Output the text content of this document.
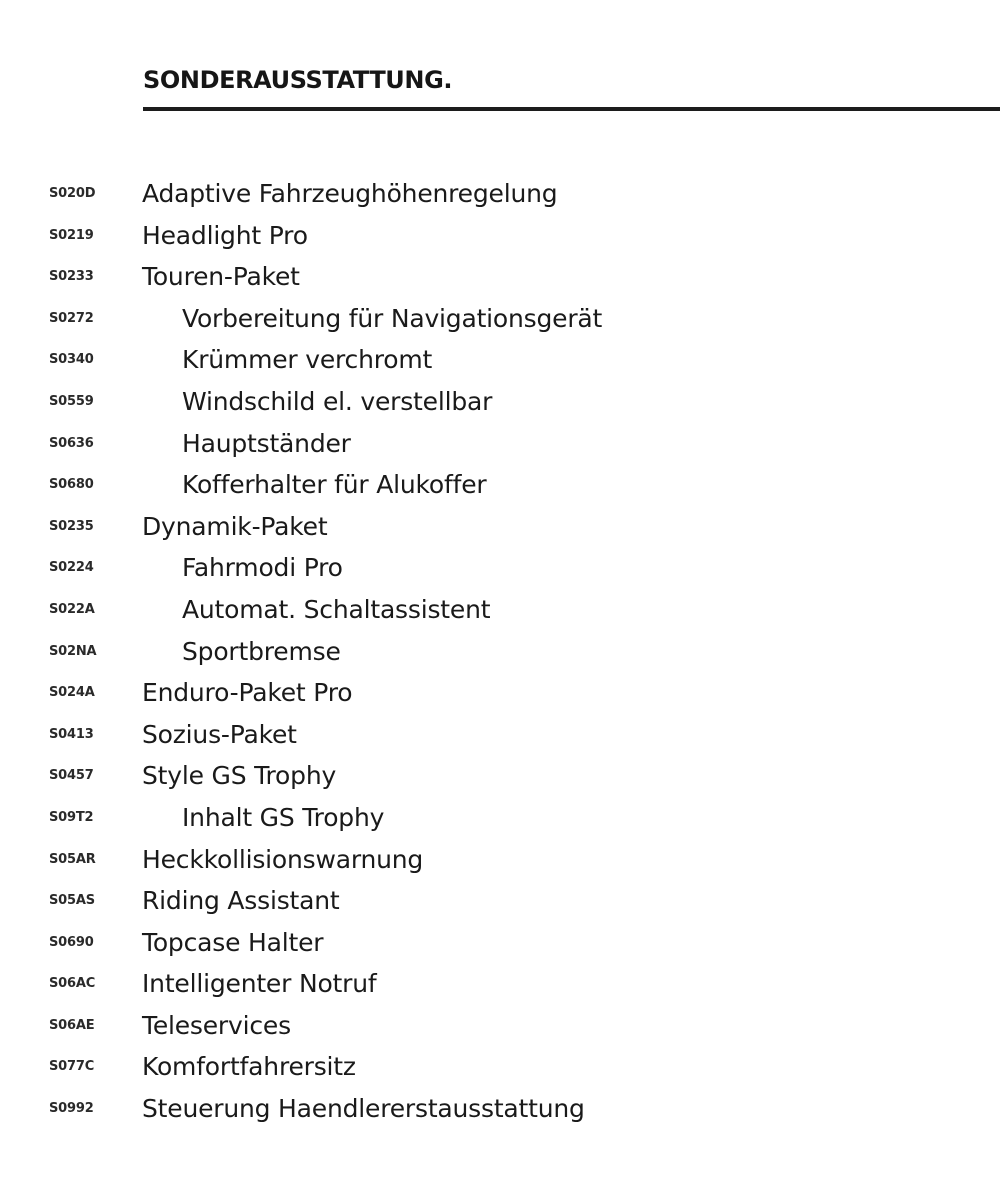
SONDERAUSSTATTUNG.
S020D Adaptive Fahrzeughöhenregelung
S0219 Headlight Pro
S0233 Touren-Paket
S0272	Vorbereitung für Navigationsgerät
S0340	Krümmer verchromt
S0559	Windschild el. verstellbar
S0636	Hauptständer
S0680	Kofferhalter für Alukoffer
S0235 Dynamik-Paket
S0224	Fahrmodi Pro
S022A	Automat. Schaltassistent
S02NA	Sportbremse
S024A Enduro-Paket Pro
S0413 Sozius-Paket
S0457 Style GS Trophy
S09T2	Inhalt GS Trophy
S05AR Heckkollisionswarnung
S05AS Riding Assistant
S0690 Topcase Halter
S06AC Intelligenter Notruf
S06AE Teleservices
S077C Komfortfahrersitz
S0992 Steuerung Haendlererstausstattung
